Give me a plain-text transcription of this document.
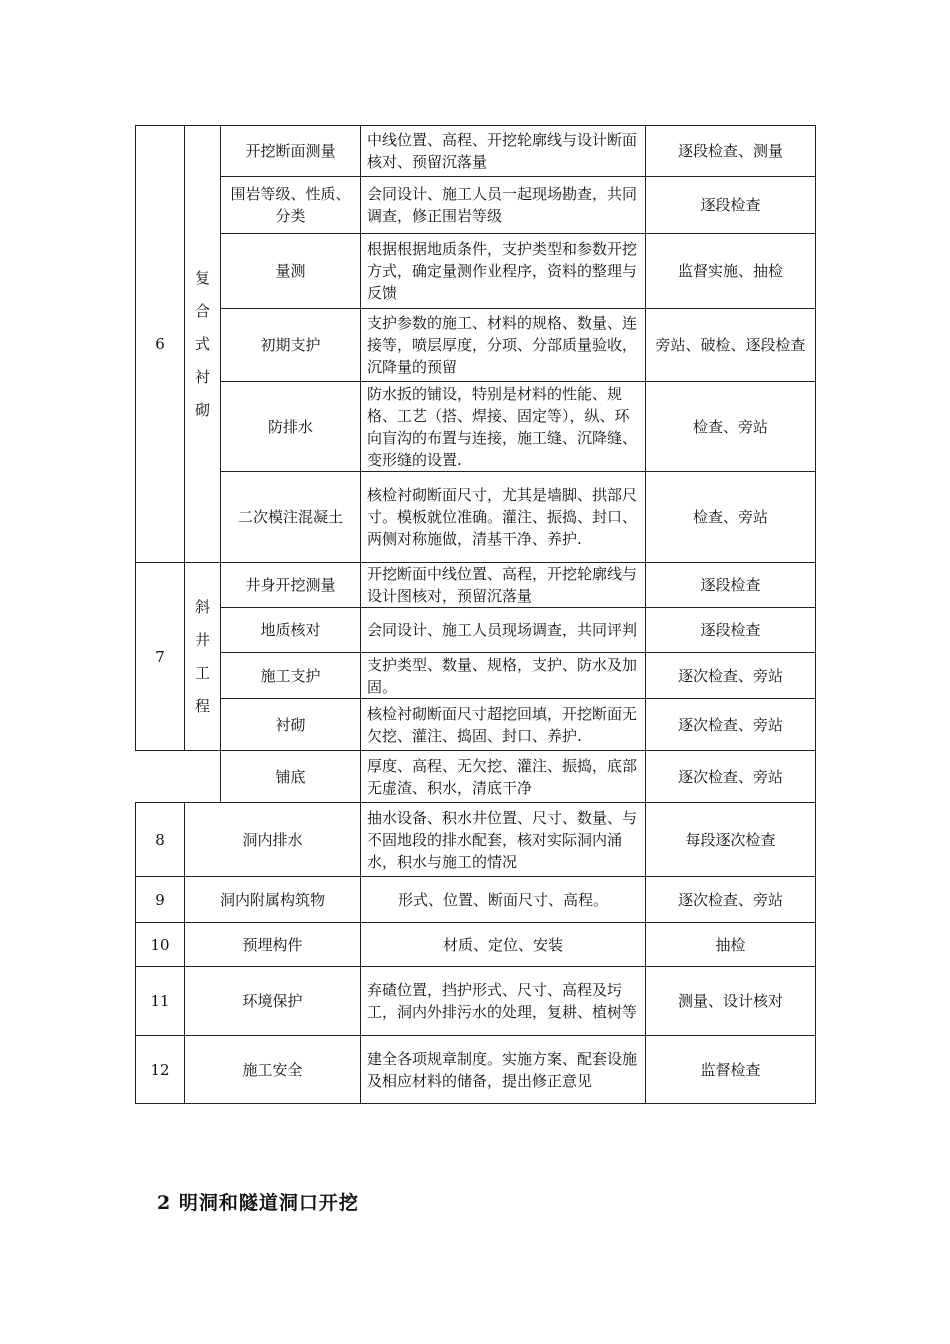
6	复合式衬砌	开挖断面测量	中线位置、高程、开挖轮廓线与设计断面核对、预留沉落量	逐段检查、测量
		围岩等级、性质、分类	会同设计、施工人员一起现场勘查，共同调查，修正围岩等级	逐段检查
		量测	根据根据地质条件，支护类型和参数开挖方式，确定量测作业程序，资料的整理与反馈	监督实施、抽检
		初期支护	支护参数的施工、材料的规格、数量、连接等，喷层厚度，分项、分部质量验收，沉降量的预留	旁站、破检、逐段检查
		防排水	防水扳的铺设，特别是材料的性能、规格、工艺（搭、焊接、固定等），纵、环向盲沟的布置与连接，施工缝、沉降缝、变形缝的设置.	检查、旁站
		二次模注混凝土	核检衬砌断面尺寸，尤其是墙脚、拱部尺寸。模板就位准确。灌注、振捣、封口、两侧对称施做，清基干净、养护.	检查、旁站
7	斜井工程	井身开挖测量	开挖断面中线位置、高程，开挖轮廓线与设计图核对，预留沉落量	逐段检查
		地质核对	会同设计、施工人员现场调查，共同评判	逐段检查
		施工支护	支护类型、数量、规格，支护、防水及加固。	逐次检查、旁站
		衬砌	核检衬砌断面尺寸超挖回填，开挖断面无欠挖、灌注、捣固、封口、养护.	逐次检查、旁站
		铺底	厚度、高程、无欠挖、灌注、振捣，底部无虚渣、积水，清底干净	逐次检查、旁站
8	洞内排水		抽水设备、积水井位置、尺寸、数量、与不固地段的排水配套，核对实际洞内涌水，积水与施工的情况	每段逐次检查
9	洞内附属构筑物		形式、位置、断面尺寸、高程。	逐次检查、旁站
10	预埋构件		材质、定位、安装	抽检
11	环境保护		弃碴位置，挡护形式、尺寸、高程及圬工，洞内外排污水的处理，复耕、植树等	测量、设计核对
12	施工安全		建全各项规章制度。实施方案、配套设施及相应材料的储备，提出修正意见	监督检查
2 明洞和隧道洞口开挖
